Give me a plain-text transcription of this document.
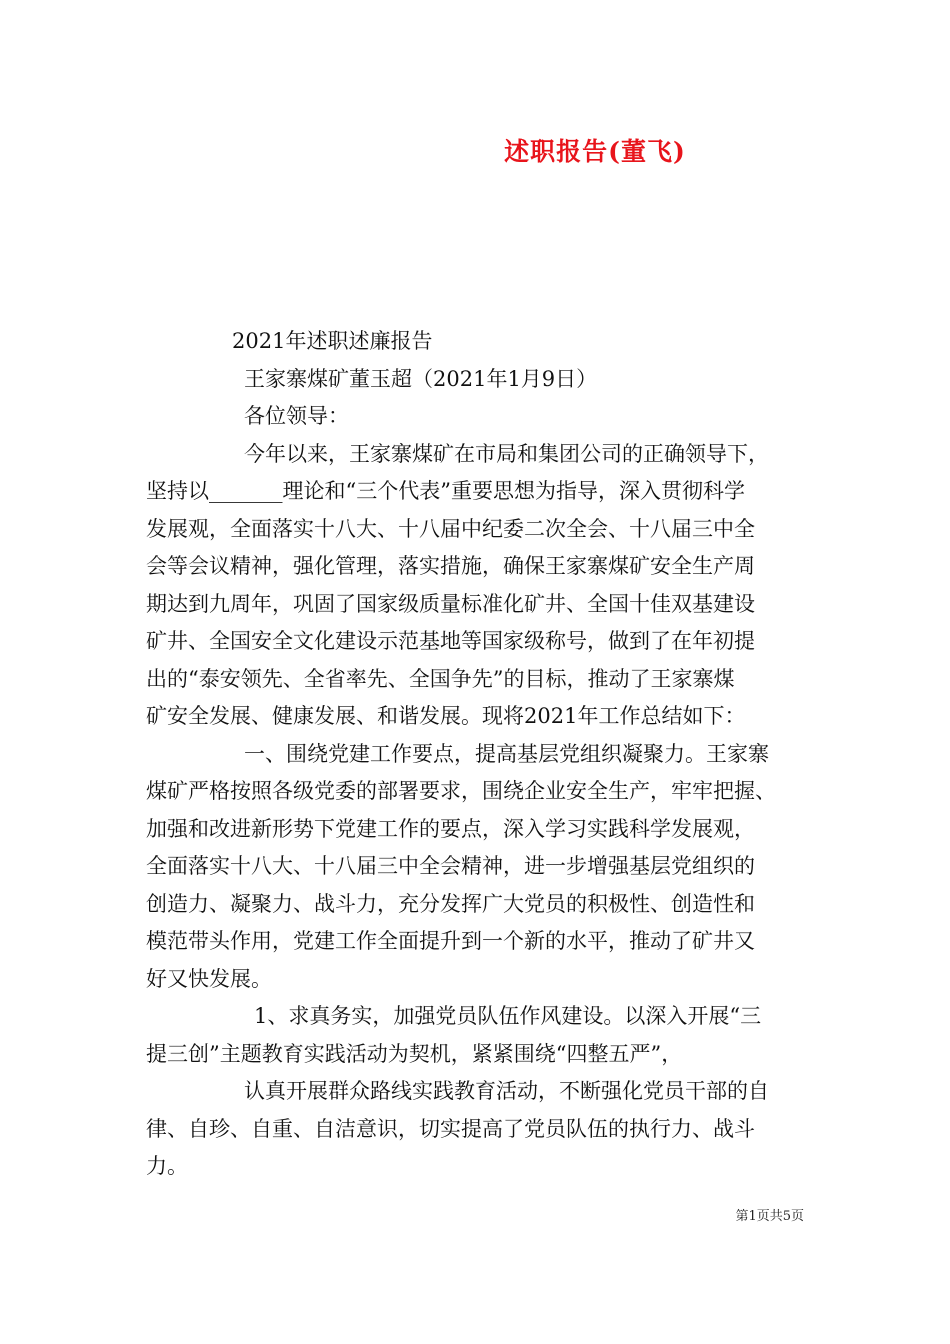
述职报告(董飞)
2021年述职述廉报告
王家寨煤矿董玉超（2021年1月9日）
各位领导：
今年以来，王家寨煤矿在市局和集团公司的正确领导下，
坚持以_______理论和“三个代表”重要思想为指导，深入贯彻科学
发展观，全面落实十八大、十八届中纪委二次全会、十八届三中全
会等会议精神，强化管理，落实措施，确保王家寨煤矿安全生产周
期达到九周年，巩固了国家级质量标准化矿井、全国十佳双基建设
矿井、全国安全文化建设示范基地等国家级称号，做到了在年初提
出的“泰安领先、全省率先、全国争先”的目标，推动了王家寨煤
矿安全发展、健康发展、和谐发展。现将2021年工作总结如下：
一、围绕党建工作要点，提高基层党组织凝聚力。王家寨
煤矿严格按照各级党委的部署要求，围绕企业安全生产，牢牢把握、
加强和改进新形势下党建工作的要点，深入学习实践科学发展观，
全面落实十八大、十八届三中全会精神，进一步增强基层党组织的
创造力、凝聚力、战斗力，充分发挥广大党员的积极性、创造性和
模范带头作用，党建工作全面提升到一个新的水平，推动了矿井又
好又快发展。
1、求真务实，加强党员队伍作风建设。以深入开展“三
提三创”主题教育实践活动为契机，紧紧围绕“四整五严”，
认真开展群众路线实践教育活动，不断强化党员干部的自
律、自珍、自重、自洁意识，切实提高了党员队伍的执行力、战斗
力。
第1页共5页
